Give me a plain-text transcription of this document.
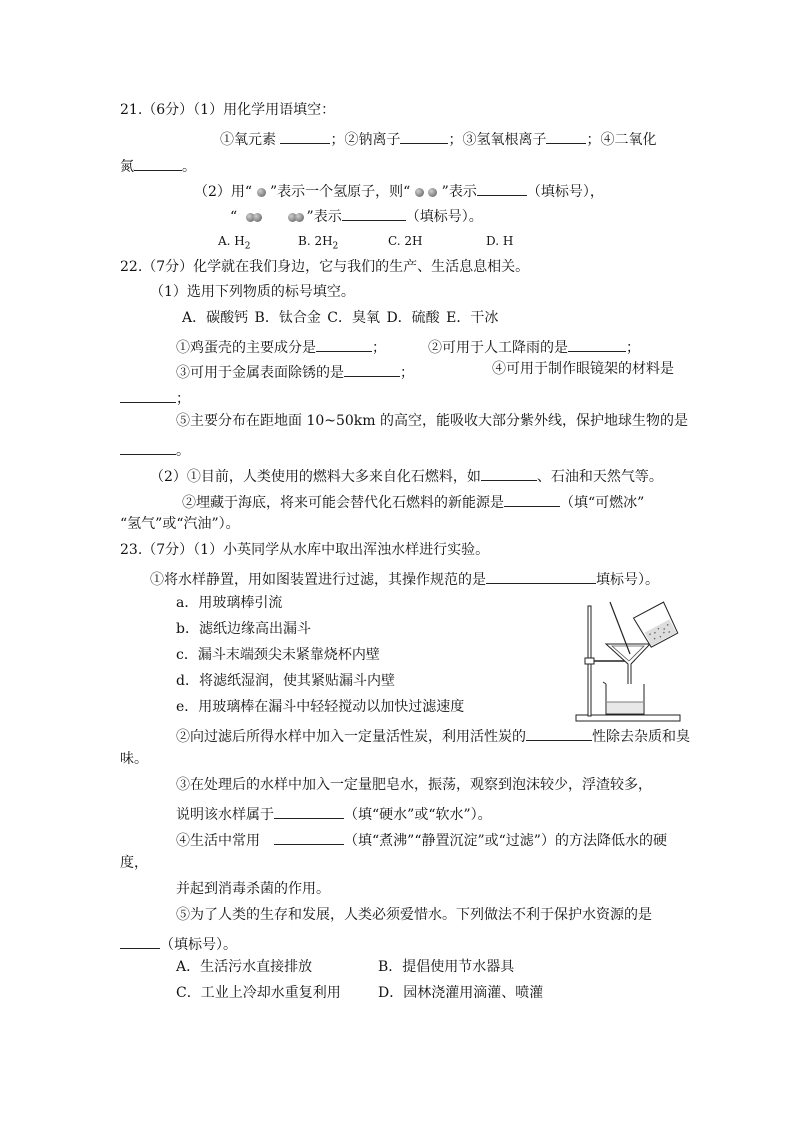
21.（6分）（1）用化学用语填空：
①氧元素	；②钠离子	；③氢氧根离子	；④二氧化
氮	。
（2）用“ ”表示一个氢原子，则“ ”表示	（填标号），
“	”表示	（填标号）。
A. $H_2$	B. $2H_2$	C. 2H	D. H
22.（7分）化学就在我们身边，它与我们的生产、生活息息相关。
（1）选用下列物质的标号填空。
A．碳酸钙 B．钛合金 C．臭氧 D．硫酸 E．干冰
①鸡蛋壳的主要成分是	；	②可用于人工降雨的是	；
③可用于金属表面除锈的是	；	④可用于制作眼镜架的材料是
；
⑤主要分布在距地面 10~50km 的高空，能吸收大部分紫外线，保护地球生物的是
。
（2）①目前，人类使用的燃料大多来自化石燃料，如	、石油和天然气等。
②埋藏于海底，将来可能会替代化石燃料的新能源是	（填“可燃冰”
“氢气”或“汽油”）。
23.（7分）（1）小英同学从水库中取出浑浊水样进行实验。
①将水样静置，用如图装置进行过滤，其操作规范的是	填标号）。
a．用玻璃棒引流
b．滤纸边缘高出漏斗
c．漏斗末端颈尖未紧靠烧杯内壁
d．将滤纸湿润，使其紧贴漏斗内壁
e．用玻璃棒在漏斗中轻轻搅动以加快过滤速度
②向过滤后所得水样中加入一定量活性炭，利用活性炭的	性除去杂质和臭
味。
③在处理后的水样中加入一定量肥皂水，振荡，观察到泡沫较少，浮渣较多，
说明该水样属于	（填“硬水”或“软水”）。
④生活中常用	（填“煮沸”“静置沉淀”或“过滤”）的方法降低水的硬
度，
并起到消毒杀菌的作用。
⑤为了人类的生存和发展，人类必须爱惜水。下列做法不利于保护水资源的是
（填标号）。
A．生活污水直接排放	B．提倡使用节水器具
C．工业上冷却水重复利用	D．园林浇灌用滴灌、喷灌
